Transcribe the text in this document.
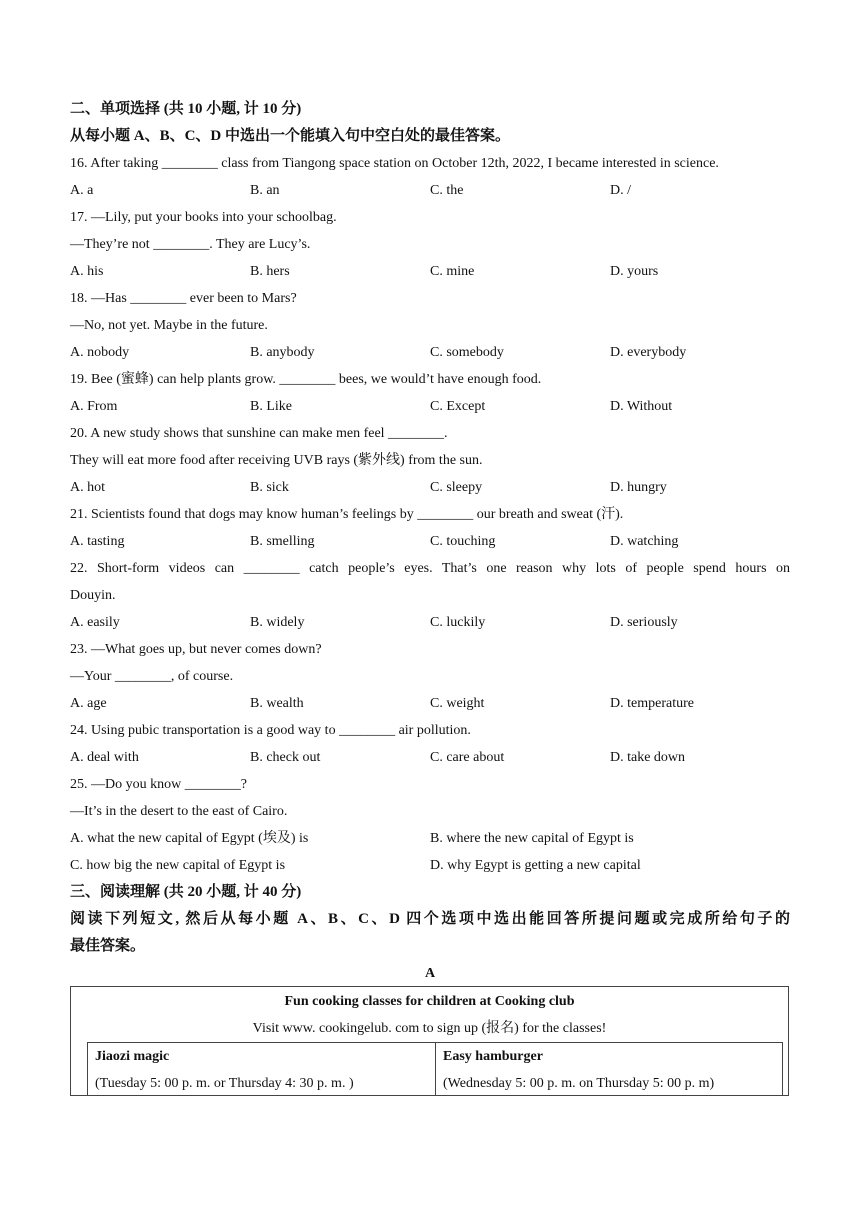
二、单项选择 (共 10 小题, 计 10 分)
从每小题 A、B、C、D 中选出一个能填入句中空白处的最佳答案。
16. After taking ________ class from Tiangong space station on October 12th, 2022, I became interested in science.
A. a	B. an	C. the	D. /
17. —Lily, put your books into your schoolbag.
—They’re not ________. They are Lucy’s.
A. his	B. hers	C. mine	D. yours
18. —Has ________ ever been to Mars?
—No, not yet. Maybe in the future.
A. nobody	B. anybody	C. somebody	D. everybody
19. Bee (蜜蜂) can help plants grow. ________ bees, we would’t have enough food.
A. From	B. Like	C. Except	D. Without
20. A new study shows that sunshine can make men feel ________.
They will eat more food after receiving UVB rays (紫外线) from the sun.
A. hot	B. sick	C. sleepy	D. hungry
21. Scientists found that dogs may know human’s feelings by ________ our breath and sweat (汗).
A. tasting	B. smelling	C. touching	D. watching
22. Short-form videos can ________ catch people’s eyes. That’s one reason why lots of people spend hours on
Douyin.
A. easily	B. widely	C. luckily	D. seriously
23. —What goes up, but never comes down?
—Your ________, of course.
A. age	B. wealth	C. weight	D. temperature
24. Using pubic transportation is a good way to ________ air pollution.
A. deal with	B. check out	C. care about	D. take down
25. —Do you know ________?
—It’s in the desert to the east of Cairo.
A. what the new capital of Egypt (埃及) is	B. where the new capital of Egypt is
C. how big the new capital of Egypt is	D. why Egypt is getting a new capital
三、阅读理解 (共 20 小题, 计 40 分)
阅读下列短文, 然后从每小题 A、B、C、D 四个选项中选出能回答所提问题或完成所给句子的
最佳答案。
A
Fun cooking classes for children at Cooking club
Visit www. cookingelub. com to sign up (报名) for the classes!
Jiaozi magic
(Tuesday 5: 00 p. m. or Thursday 4: 30 p. m. )
Easy hamburger
(Wednesday 5: 00 p. m. on Thursday 5: 00 p. m)
